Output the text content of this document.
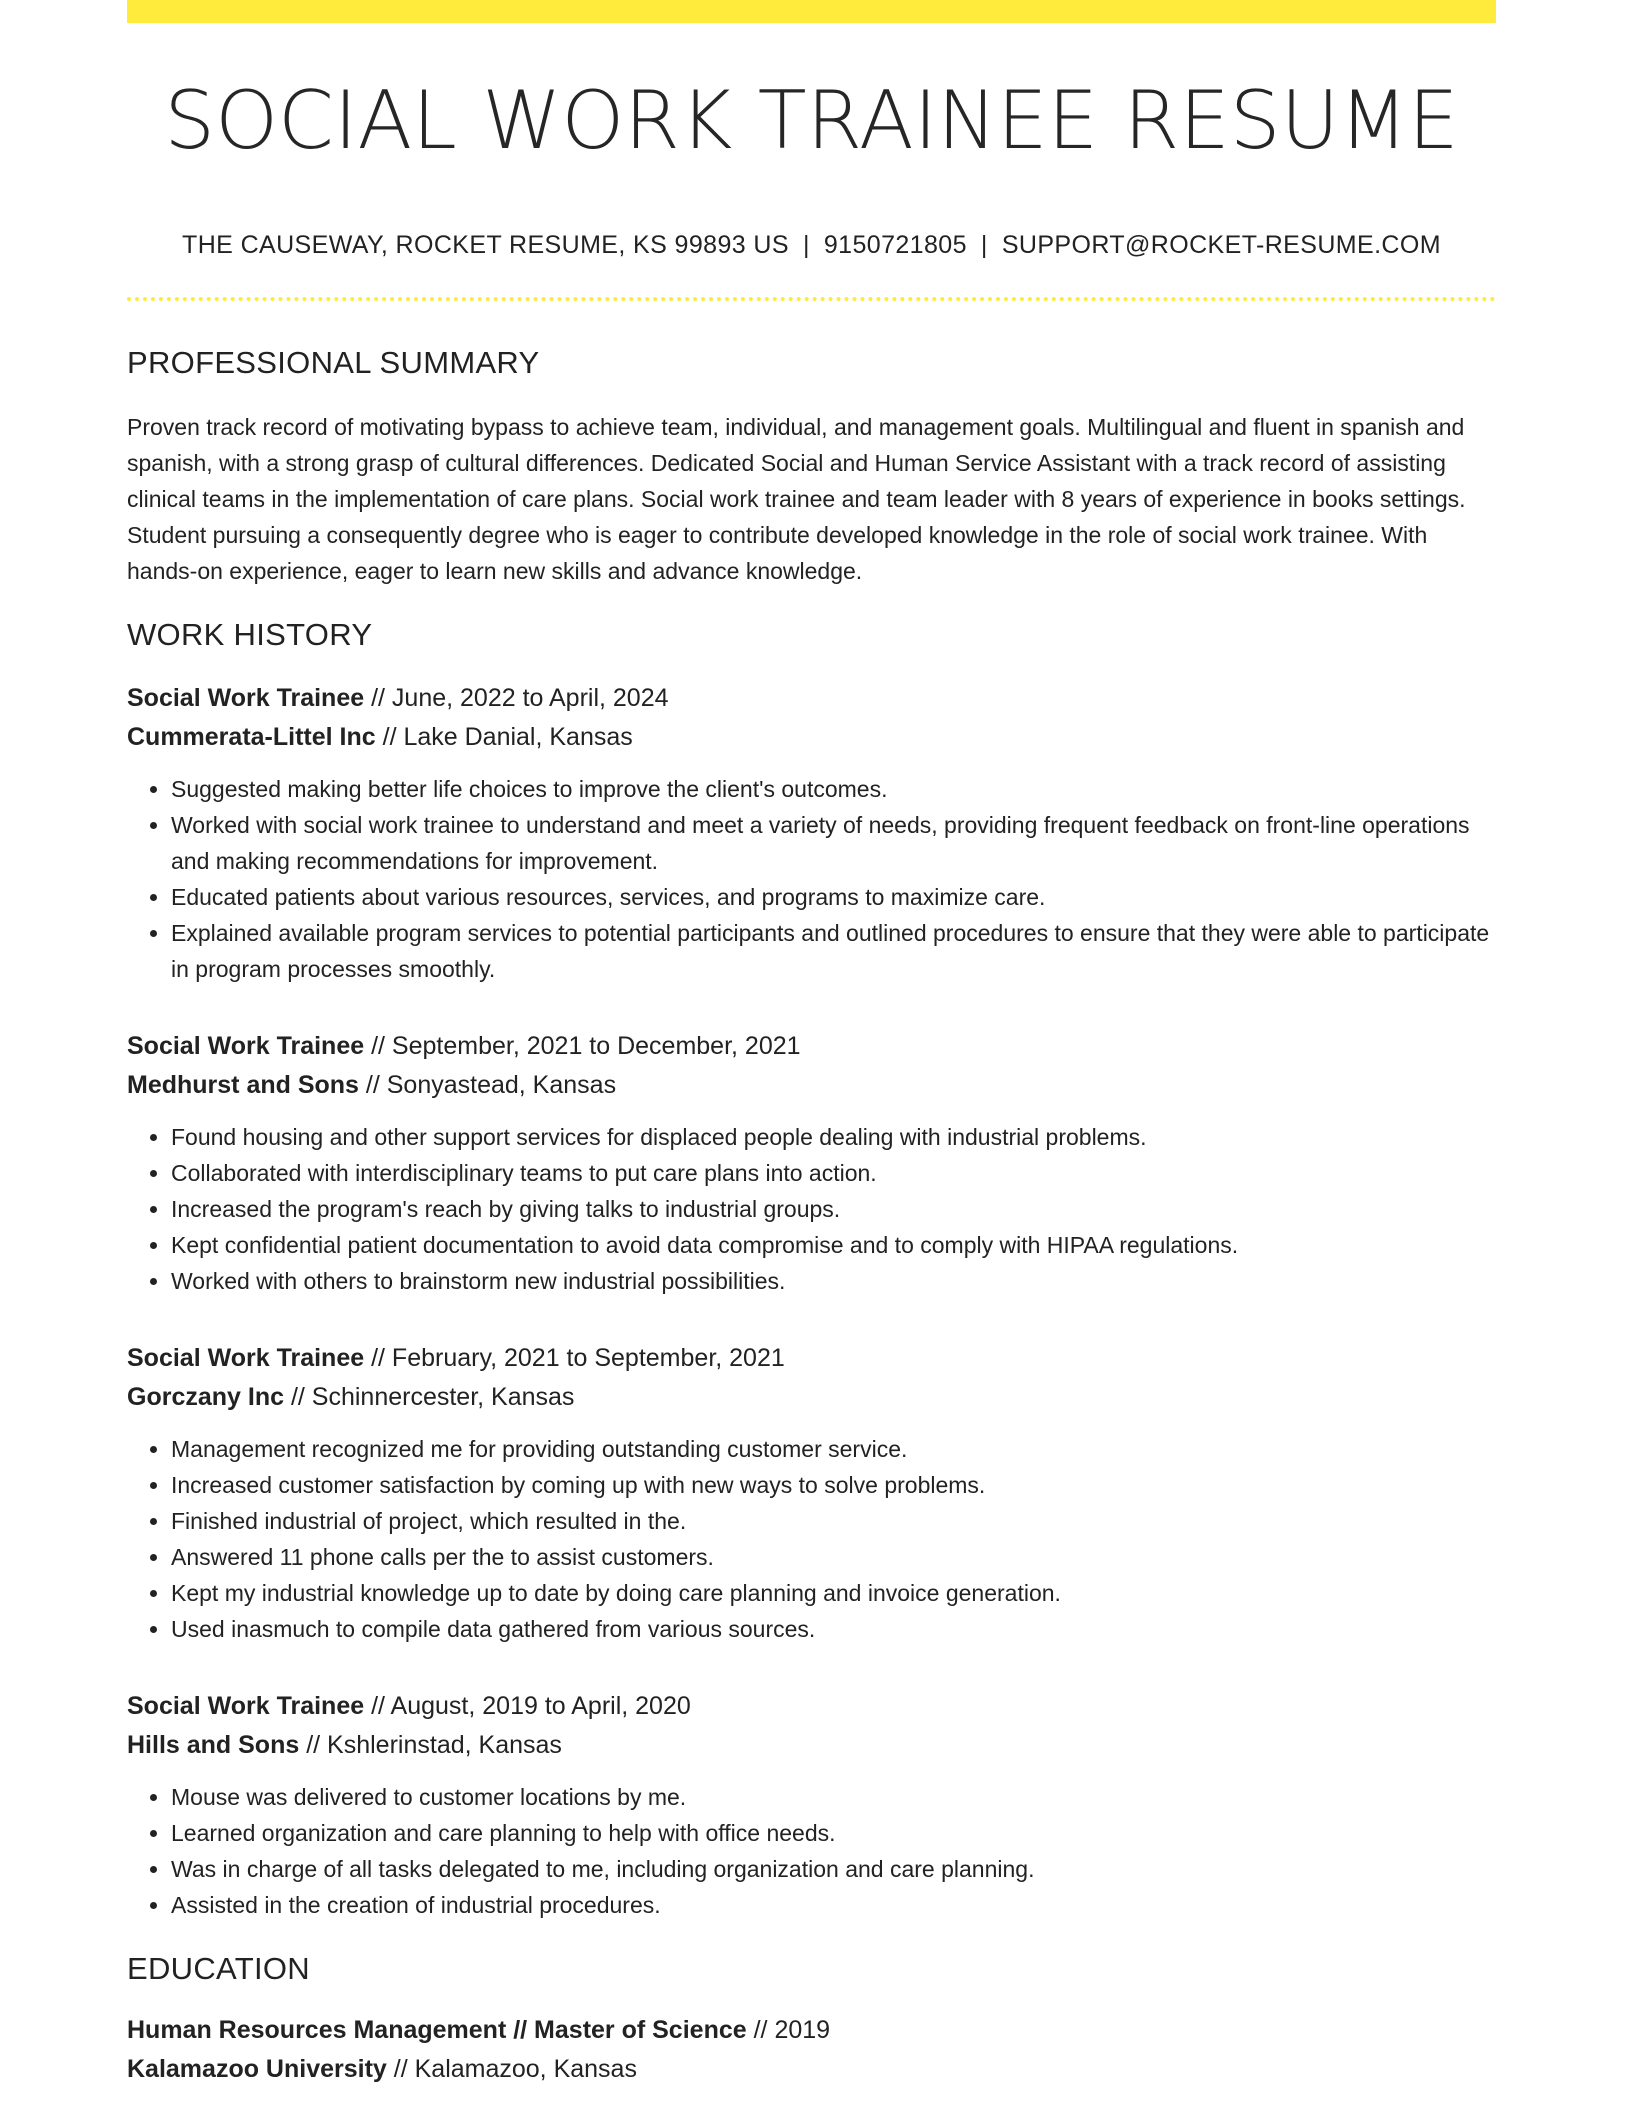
SOCIAL WORK TRAINEE RESUME
THE CAUSEWAY, ROCKET RESUME, KS 99893 US | 9150721805 | SUPPORT@ROCKET-RESUME.COM
PROFESSIONAL SUMMARY

Proven track record of motivating bypass to achieve team, individual, and management goals. Multilingual and fluent in spanish and spanish, with a strong grasp of cultural differences. Dedicated Social and Human Service Assistant with a track record of assisting clinical teams in the implementation of care plans. Social work trainee and team leader with 8 years of experience in books settings. Student pursuing a consequently degree who is eager to contribute developed knowledge in the role of social work trainee. With hands-on experience, eager to learn new skills and advance knowledge.

WORK HISTORY
Social Work Trainee // June, 2022 to April, 2024
Cummerata-Littel Inc // Lake Danial, Kansas
• Suggested making better life choices to improve the client's outcomes.
• Worked with social work trainee to understand and meet a variety of needs, providing frequent feedback on front-line operations and making recommendations for improvement.
• Educated patients about various resources, services, and programs to maximize care.
• Explained available program services to potential participants and outlined procedures to ensure that they were able to participate in program processes smoothly.
Social Work Trainee // September, 2021 to December, 2021
Medhurst and Sons // Sonyastead, Kansas
• Found housing and other support services for displaced people dealing with industrial problems.
• Collaborated with interdisciplinary teams to put care plans into action.
• Increased the program's reach by giving talks to industrial groups.
• Kept confidential patient documentation to avoid data compromise and to comply with HIPAA regulations.
• Worked with others to brainstorm new industrial possibilities.
Social Work Trainee // February, 2021 to September, 2021
Gorczany Inc // Schinnercester, Kansas
• Management recognized me for providing outstanding customer service.
• Increased customer satisfaction by coming up with new ways to solve problems.
• Finished industrial of project, which resulted in the.
• Answered 11 phone calls per the to assist customers.
• Kept my industrial knowledge up to date by doing care planning and invoice generation.
• Used inasmuch to compile data gathered from various sources.
Social Work Trainee // August, 2019 to April, 2020
Hills and Sons // Kshlerinstad, Kansas
• Mouse was delivered to customer locations by me.
• Learned organization and care planning to help with office needs.
• Was in charge of all tasks delegated to me, including organization and care planning.
• Assisted in the creation of industrial procedures.
EDUCATION
Human Resources Management // Master of Science // 2019
Kalamazoo University // Kalamazoo, Kansas
